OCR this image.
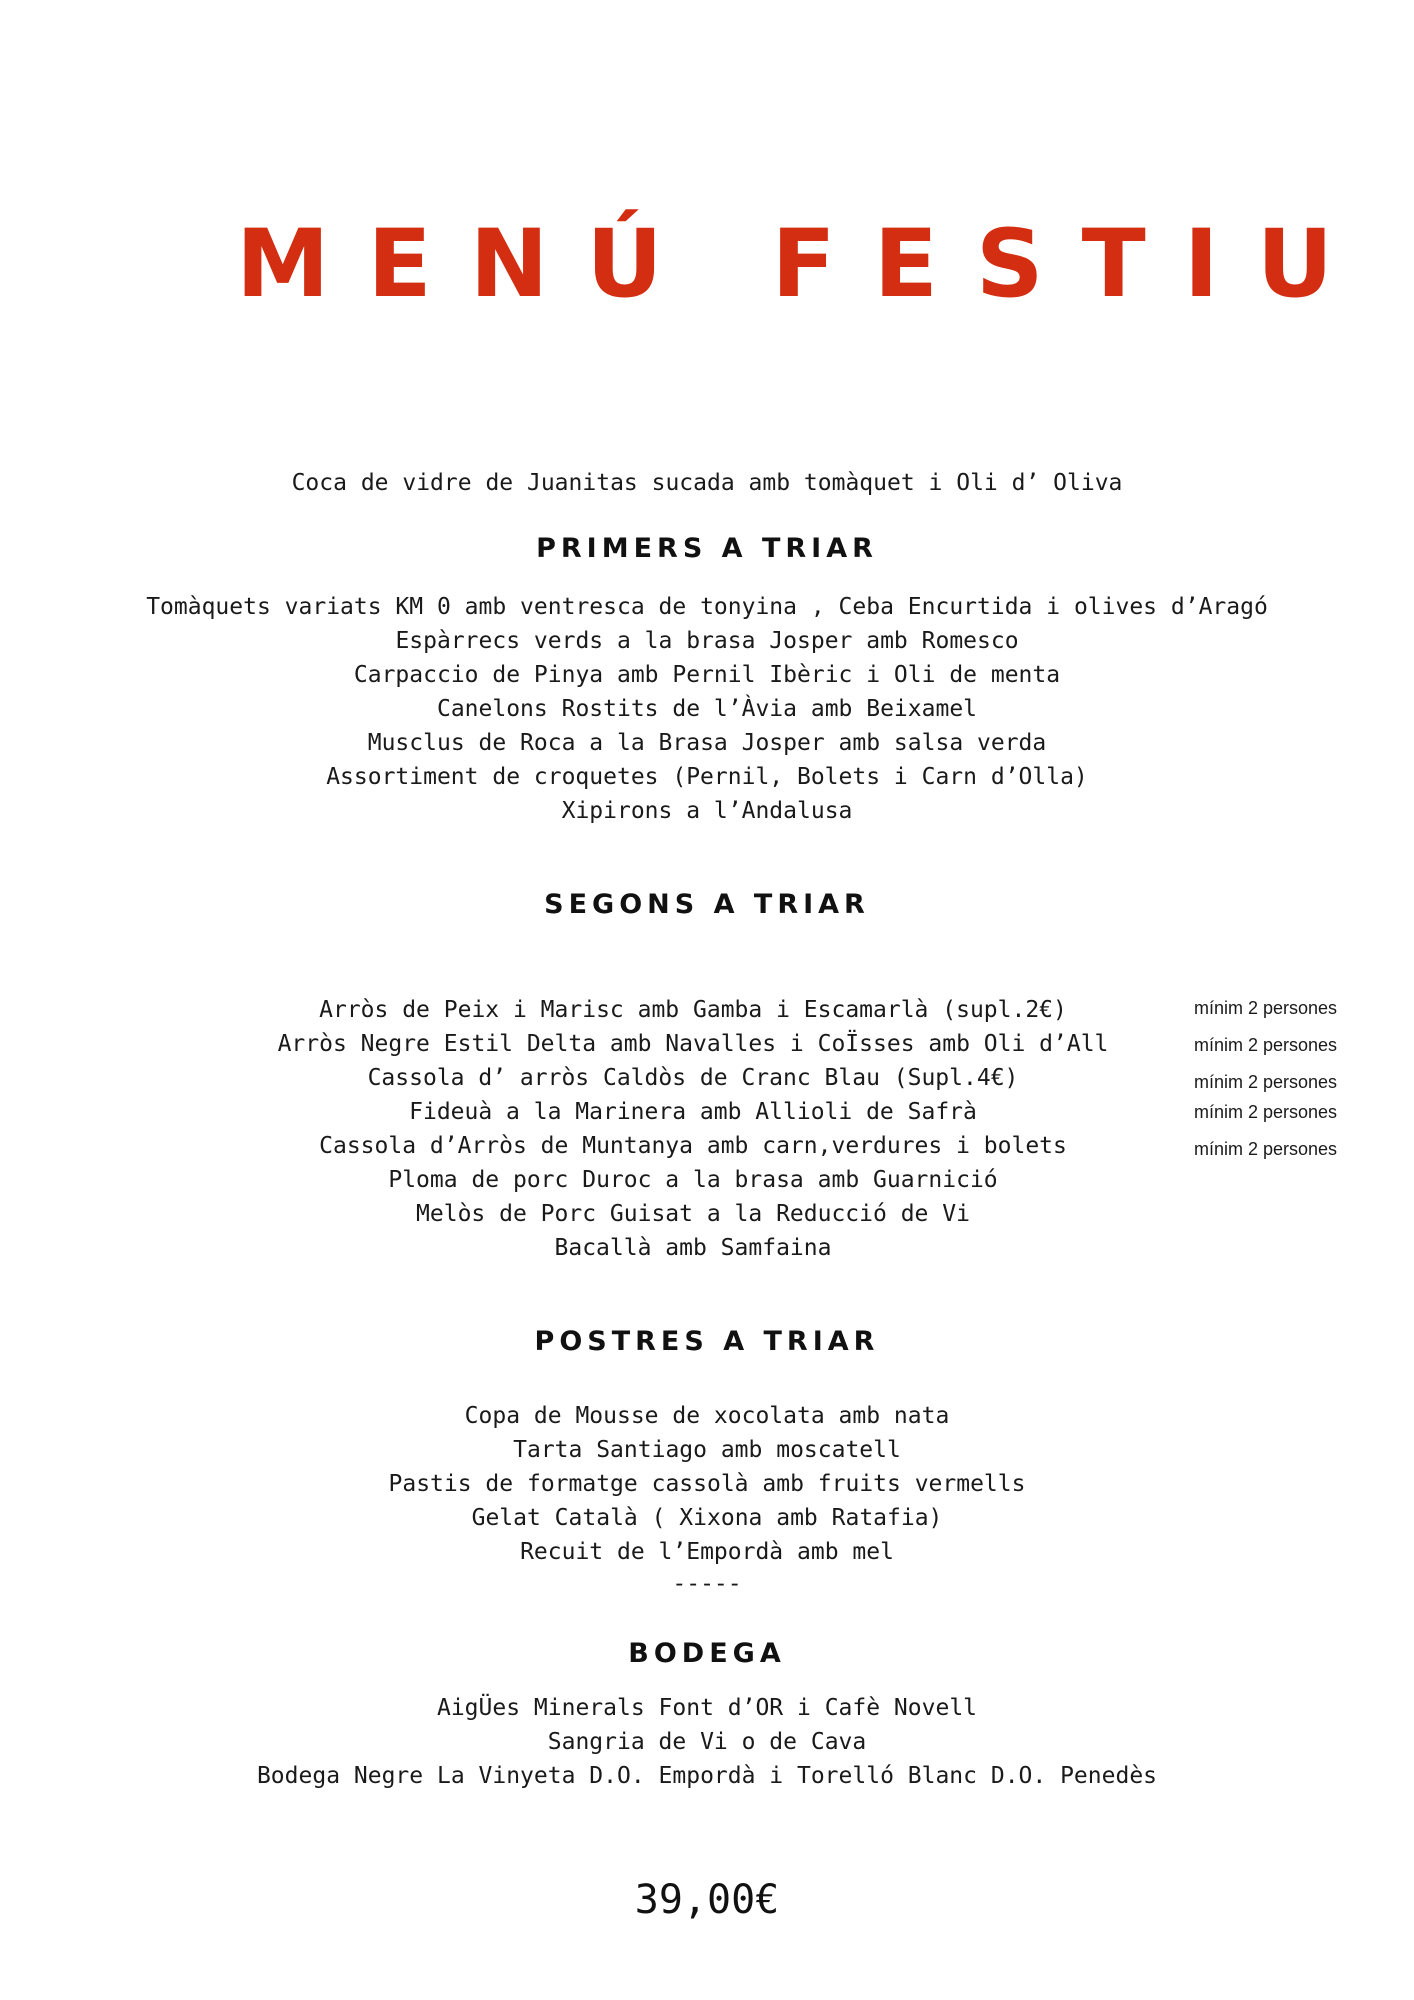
MENÚ FESTIU
Coca de vidre de Juanitas sucada amb tomàquet i Oli d’ Oliva
PRIMERS A TRIAR
Tomàquets variats KM 0 amb ventresca de tonyina , Ceba Encurtida i olives d’Aragó
Espàrrecs verds a la brasa Josper amb Romesco
Carpaccio de Pinya amb Pernil Ibèric i Oli de menta
Canelons Rostits de l’Àvia amb Beixamel
Musclus de Roca a la Brasa Josper amb salsa verda
Assortiment de croquetes (Pernil, Bolets i Carn d’Olla)
Xipirons a l’Andalusa
SEGONS A TRIAR
Arròs de Peix i Marisc amb Gamba i Escamarlà (supl.2€)
Arròs Negre Estil Delta amb Navalles i CoÏsses amb Oli d’All
Cassola d’ arròs Caldòs de Cranc Blau (Supl.4€)
Fideuà a la Marinera amb Allioli de Safrà
Cassola d’Arròs de Muntanya amb carn,verdures i bolets
Ploma de porc Duroc a la brasa amb Guarnició
Melòs de Porc Guisat a la Reducció de Vi
Bacallà amb Samfaina
mínim 2 persones
mínim 2 persones
mínim 2 persones
mínim 2 persones
mínim 2 persones
POSTRES A TRIAR
Copa de Mousse de xocolata amb nata
Tarta Santiago amb moscatell
Pastis de formatge cassolà amb fruits vermells
Gelat Català ( Xixona amb Ratafia)
Recuit de l’Empordà amb mel
-----
BODEGA
AigÜes Minerals Font d’OR i Cafè Novell
Sangria de Vi o de Cava
Bodega Negre La Vinyeta D.O. Empordà i Torelló Blanc D.O. Penedès
39,00€
